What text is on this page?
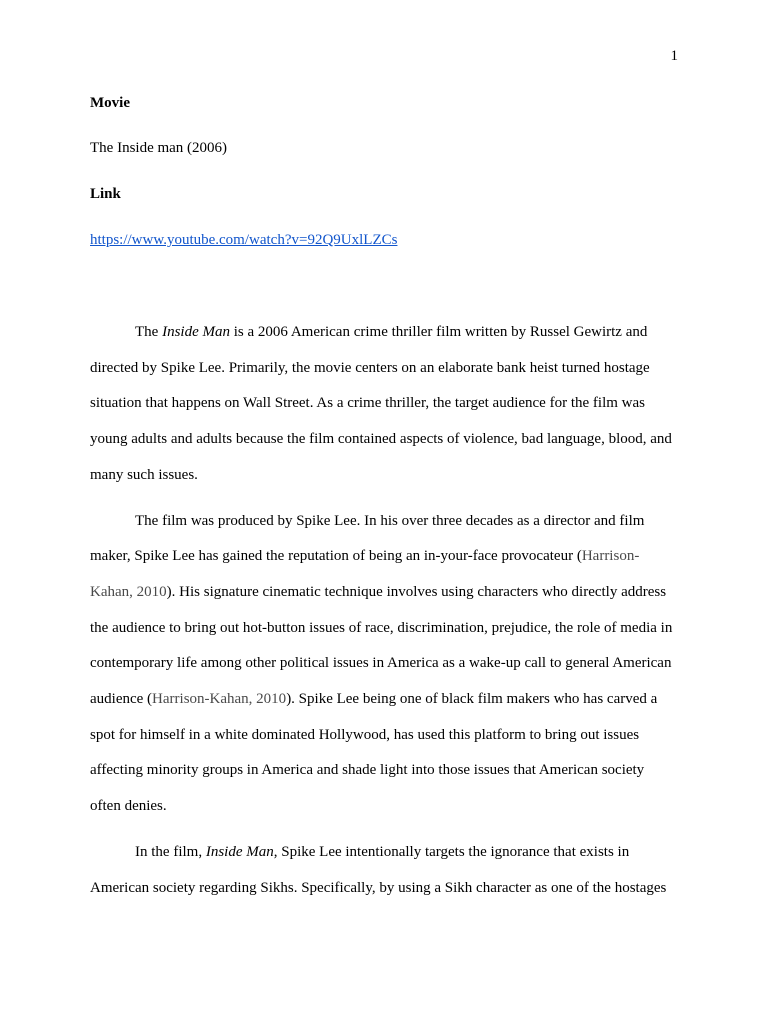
1
Movie
The Inside man (2006)
Link
https://www.youtube.com/watch?v=92Q9UxlLZCs
The Inside Man is a 2006 American crime thriller film written by Russel Gewirtz and
directed by Spike Lee. Primarily, the movie centers on an elaborate bank heist turned hostage
situation that happens on Wall Street. As a crime thriller, the target audience for the film was
young adults and adults because the film contained aspects of violence, bad language, blood, and
many such issues.
The film was produced by Spike Lee. In his over three decades as a director and film
maker, Spike Lee has gained the reputation of being an in-your-face provocateur (Harrison-
Kahan, 2010). His signature cinematic technique involves using characters who directly address
the audience to bring out hot-button issues of race, discrimination, prejudice, the role of media in
contemporary life among other political issues in America as a wake-up call to general American
audience (Harrison-Kahan, 2010). Spike Lee being one of black film makers who has carved a
spot for himself in a white dominated Hollywood, has used this platform to bring out issues
affecting minority groups in America and shade light into those issues that American society
often denies.
In the film, Inside Man, Spike Lee intentionally targets the ignorance that exists in
American society regarding Sikhs. Specifically, by using a Sikh character as one of the hostages
